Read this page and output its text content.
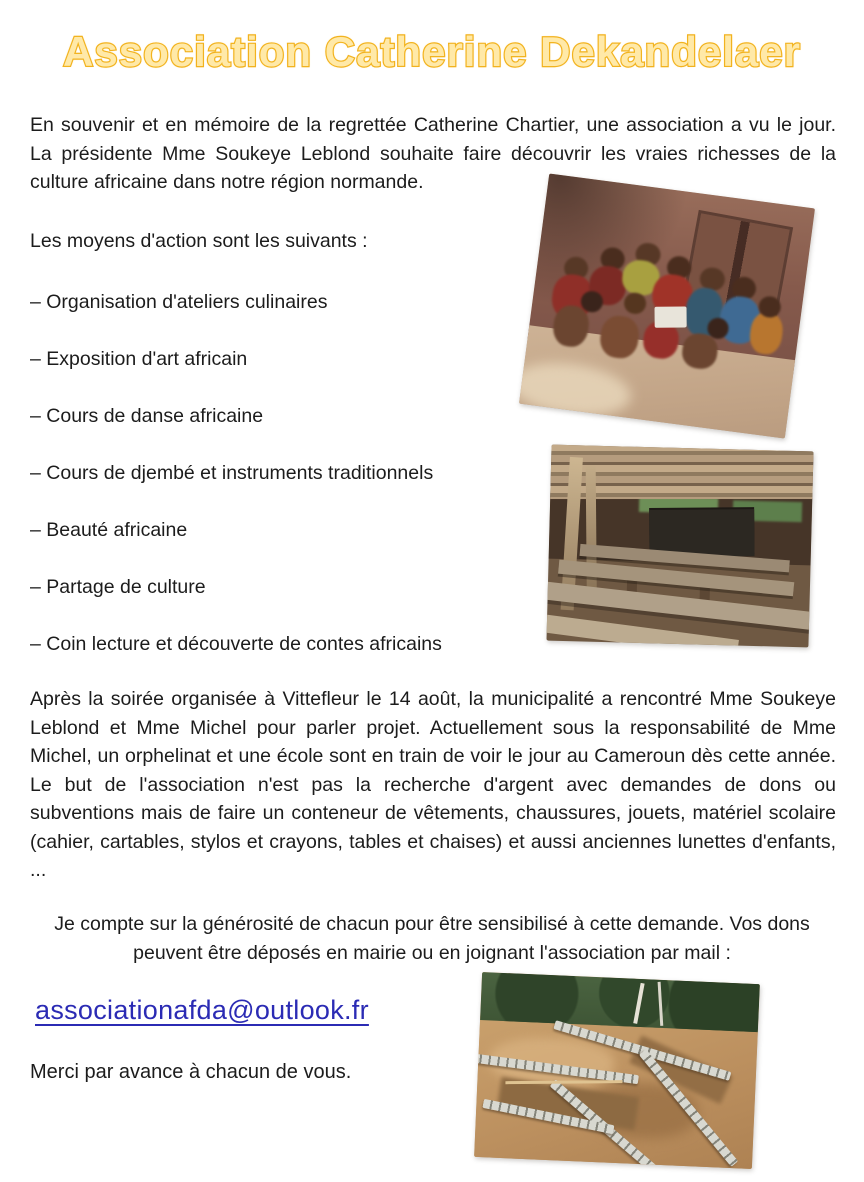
Association Catherine Dekandelaer

En souvenir et en mémoire de la regrettée Catherine Chartier, une association a vu le jour. La présidente Mme Soukeye Leblond souhaite faire découvrir les vraies richesses de la culture africaine dans notre région normande.

Les moyens d'action sont les suivants :

– Organisation d'ateliers culinaires
– Exposition d'art africain
– Cours de danse africaine
– Cours de djembé et instruments traditionnels
– Beauté africaine
– Partage de culture
– Coin lecture et découverte de contes africains

Après la soirée organisée à Vittefleur le 14 août, la municipalité a rencontré Mme Soukeye Leblond et Mme Michel pour parler projet. Actuellement sous la responsabilité de Mme Michel, un orphelinat et une école sont en train de voir le jour au Cameroun dès cette année. Le but de l'association n'est pas la recherche d'argent avec demandes de dons ou subventions mais de faire un conteneur de vêtements, chaussures, jouets, matériel scolaire (cahier, cartables, stylos et crayons, tables et chaises) et aussi anciennes lunettes d'enfants, ...

Je compte sur la générosité de chacun pour être sensibilisé à cette demande. Vos dons peuvent être déposés en mairie ou en joignant l'association par mail :

associationafda@outlook.fr

Merci par avance à chacun de vous.
